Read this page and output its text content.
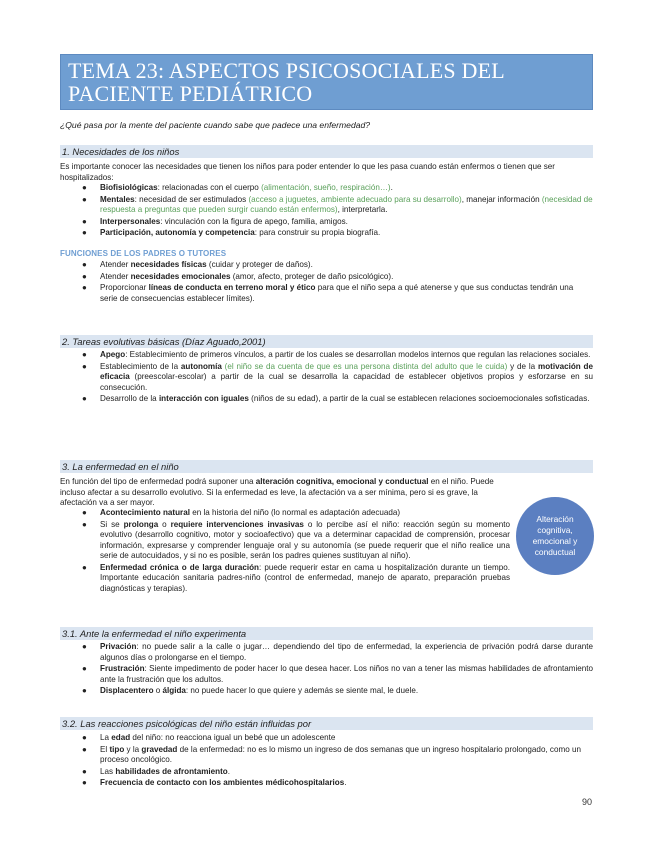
TEMA 23: ASPECTOS PSICOSOCIALES DEL PACIENTE PEDIÁTRICO
¿Qué pasa por la mente del paciente cuando sabe que padece una enfermedad?
1. Necesidades de los niños
Es importante conocer las necesidades que tienen los niños para poder entender lo que les pasa cuando están enfermos o tienen que ser hospitalizados:
● Biofisiológicas: relacionadas con el cuerpo (alimentación, sueño, respiración…).
● Mentales: necesidad de ser estimulados (acceso a juguetes, ambiente adecuado para su desarrollo), manejar información (necesidad de respuesta a preguntas que pueden surgir cuando están enfermos), interpretarla.
● Interpersonales: vinculación con la figura de apego, familia, amigos.
● Participación, autonomía y competencia: para construir su propia biografía.
FUNCIONES DE LOS PADRES O TUTORES
● Atender necesidades físicas (cuidar y proteger de daños).
● Atender necesidades emocionales (amor, afecto, proteger de daño psicológico).
● Proporcionar líneas de conducta en terreno moral y ético para que el niño sepa a qué atenerse y que sus conductas tendrán una serie de consecuencias establecer límites).
2. Tareas evolutivas básicas (Díaz Aguado,2001)
● Apego: Establecimiento de primeros vínculos, a partir de los cuales se desarrollan modelos internos que regulan las relaciones sociales.
● Establecimiento de la autonomía (el niño se da cuenta de que es una persona distinta del adulto que le cuida) y de la motivación de eficacia (preescolar-escolar) a partir de la cual se desarrolla la capacidad de establecer objetivos propios y esforzarse en su consecución.
● Desarrollo de la interacción con iguales (niños de su edad), a partir de la cual se establecen relaciones socioemocionales sofisticadas.
3. La enfermedad en el niño
En función del tipo de enfermedad podrá suponer una alteración cognitiva, emocional y conductual en el niño. Puede incluso afectar a su desarrollo evolutivo. Si la enfermedad es leve, la afectación va a ser mínima, pero si es grave, la afectación va a ser mayor.
● Acontecimiento natural en la historia del niño (lo normal es adaptación adecuada)
● Si se prolonga o requiere intervenciones invasivas o lo percibe así el niño: reacción según su momento evolutivo (desarrollo cognitivo, motor y socioafectivo) que va a determinar capacidad de comprensión, procesar información, expresarse y comprender lenguaje oral y su autonomía (se puede requerir que el niño realice una serie de autocuidados, y si no es posible, serán los padres quienes sustituyan al niño).
● Enfermedad crónica o de larga duración: puede requerir estar en cama u hospitalización durante un tiempo. Importante educación sanitaria padres-niño (control de enfermedad, manejo de aparato, preparación pruebas diagnósticas y terapias).
Alteración cognitiva, emocional y conductual
3.1. Ante la enfermedad el niño experimenta
● Privación: no puede salir a la calle o jugar… dependiendo del tipo de enfermedad, la experiencia de privación podrá darse durante algunos días o prolongarse en el tiempo.
● Frustración: Siente impedimento de poder hacer lo que desea hacer. Los niños no van a tener las mismas habilidades de afrontamiento ante la frustración que los adultos.
● Displacentero o álgida: no puede hacer lo que quiere y además se siente mal, le duele.
3.2. Las reacciones psicológicas del niño están influidas por
● La edad del niño: no reacciona igual un bebé que un adolescente
● El tipo y la gravedad de la enfermedad: no es lo mismo un ingreso de dos semanas que un ingreso hospitalario prolongado, como un proceso oncológico.
● Las habilidades de afrontamiento.
● Frecuencia de contacto con los ambientes médicohospitalarios.
90
